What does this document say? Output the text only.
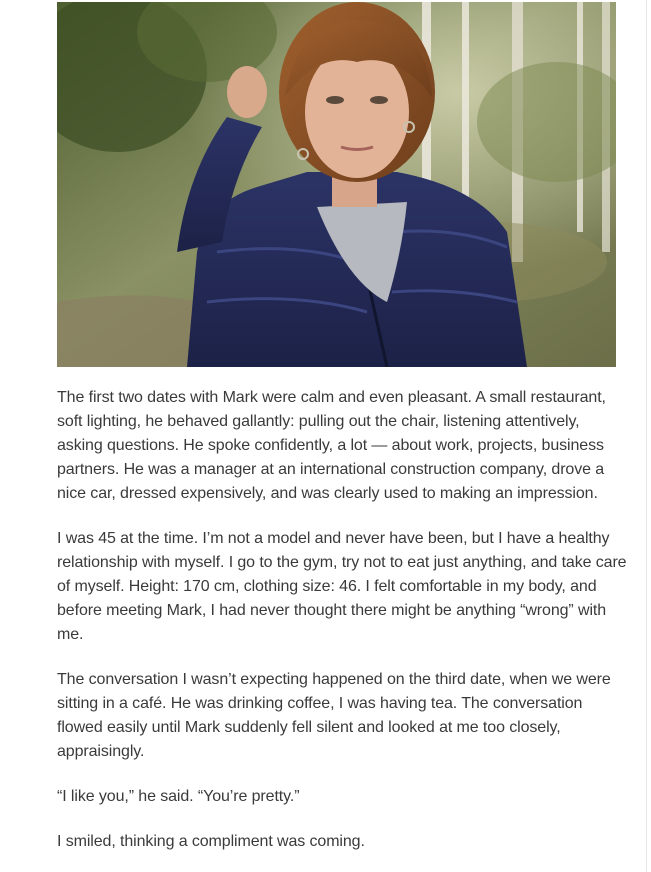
The first two dates with Mark were calm and even pleasant. A small restaurant, soft lighting, he behaved gallantly: pulling out the chair, listening attentively, asking questions. He spoke confidently, a lot — about work, projects, business partners. He was a manager at an international construction company, drove a nice car, dressed expensively, and was clearly used to making an impression.

I was 45 at the time. I’m not a model and never have been, but I have a healthy relationship with myself. I go to the gym, try not to eat just anything, and take care of myself. Height: 170 cm, clothing size: 46. I felt comfortable in my body, and before meeting Mark, I had never thought there might be anything “wrong” with me.

The conversation I wasn’t expecting happened on the third date, when we were sitting in a café. He was drinking coffee, I was having tea. The conversation flowed easily until Mark suddenly fell silent and looked at me too closely, appraisingly.

“I like you,” he said. “You’re pretty.”

I smiled, thinking a compliment was coming.
